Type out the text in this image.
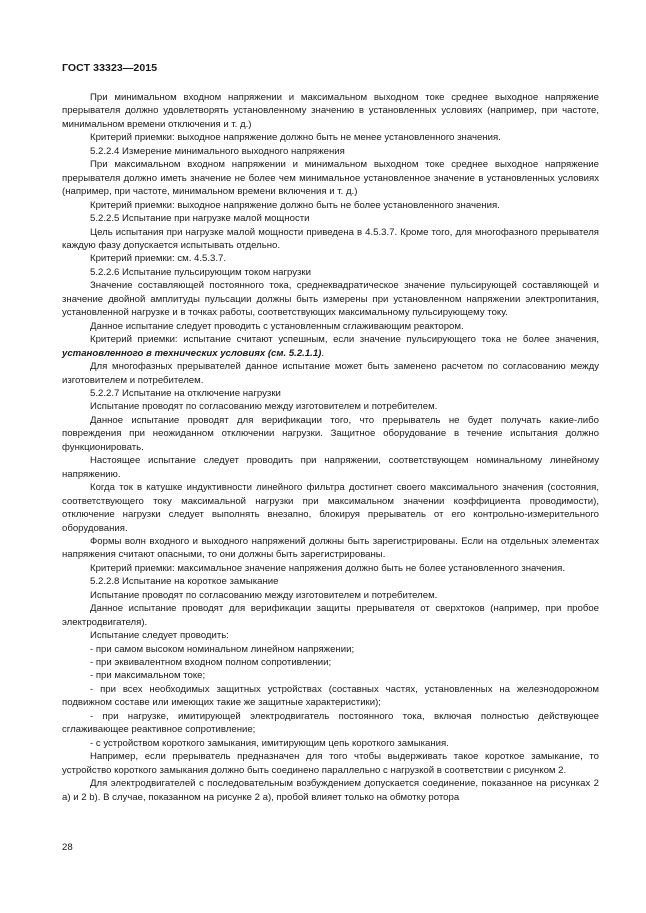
ГОСТ 33323—2015

При минимальном входном напряжении и максимальном выходном токе среднее выходное напряжение прерывателя должно удовлетворять установленному значению в установленных условиях (например, при частоте, минимальном времени отключения и т. д.)

Критерий приемки: выходное напряжение должно быть не менее установленного значения.

5.2.2.4 Измерение минимального выходного напряжения

При максимальном входном напряжении и минимальном выходном токе среднее выходное напряжение прерывателя должно иметь значение не более чем минимальное установленное значение в установленных условиях (например, при частоте, минимальном времени включения и т. д.)

Критерий приемки: выходное напряжение должно быть не более установленного значения.

5.2.2.5 Испытание при нагрузке малой мощности

Цель испытания при нагрузке малой мощности приведена в 4.5.3.7. Кроме того, для многофазного прерывателя каждую фазу допускается испытывать отдельно.

Критерий приемки: см. 4.5.3.7.

5.2.2.6 Испытание пульсирующим током нагрузки

Значение составляющей постоянного тока, среднеквадратическое значение пульсирующей составляющей и значение двойной амплитуды пульсации должны быть измерены при установленном напряжении электропитания, установленной нагрузке и в точках работы, соответствующих максимальному пульсирующему току.

Данное испытание следует проводить с установленным сглаживающим реактором.

Критерий приемки: испытание считают успешным, если значение пульсирующего тока не более значения, установленного в технических условиях (см. 5.2.1.1).

Для многофазных прерывателей данное испытание может быть заменено расчетом по согласованию между изготовителем и потребителем.

5.2.2.7 Испытание на отключение нагрузки

Испытание проводят по согласованию между изготовителем и потребителем.

Данное испытание проводят для верификации того, что прерыватель не будет получать какие-либо повреждения при неожиданном отключении нагрузки. Защитное оборудование в течение испытания должно функционировать.

Настоящее испытание следует проводить при напряжении, соответствующем номинальному линейному напряжению.

Когда ток в катушке индуктивности линейного фильтра достигнет своего максимального значения (состояния, соответствующего току максимальной нагрузки при максимальном значении коэффициента проводимости), отключение нагрузки следует выполнять внезапно, блокируя прерыватель от его контрольно-измерительного оборудования.

Формы волн входного и выходного напряжений должны быть зарегистрированы. Если на отдельных элементах напряжения считают опасными, то они должны быть зарегистрированы.

Критерий приемки: максимальное значение напряжения должно быть не более установленного значения.

5.2.2.8 Испытание на короткое замыкание

Испытание проводят по согласованию между изготовителем и потребителем.

Данное испытание проводят для верификации защиты прерывателя от сверхтоков (например, при пробое электродвигателя).

Испытание следует проводить:

- при самом высоком номинальном линейном напряжении;

- при эквивалентном входном полном сопротивлении;

- при максимальном токе;

- при всех необходимых защитных устройствах (составных частях, установленных на железнодорожном подвижном составе или имеющих такие же защитные характеристики);

- при нагрузке, имитирующей электродвигатель постоянного тока, включая полностью действующее сглаживающее реактивное сопротивление;

- с устройством короткого замыкания, имитирующим цепь короткого замыкания.

Например, если прерыватель предназначен для того чтобы выдерживать такое короткое замыкание, то устройство короткого замыкания должно быть соединено параллельно с нагрузкой в соответствии с рисунком 2.

Для электродвигателей с последовательным возбуждением допускается соединение, показанное на рисунках 2 a) и 2 b). В случае, показанном на рисунке 2 a), пробой влияет только на обмотку ротора

28
